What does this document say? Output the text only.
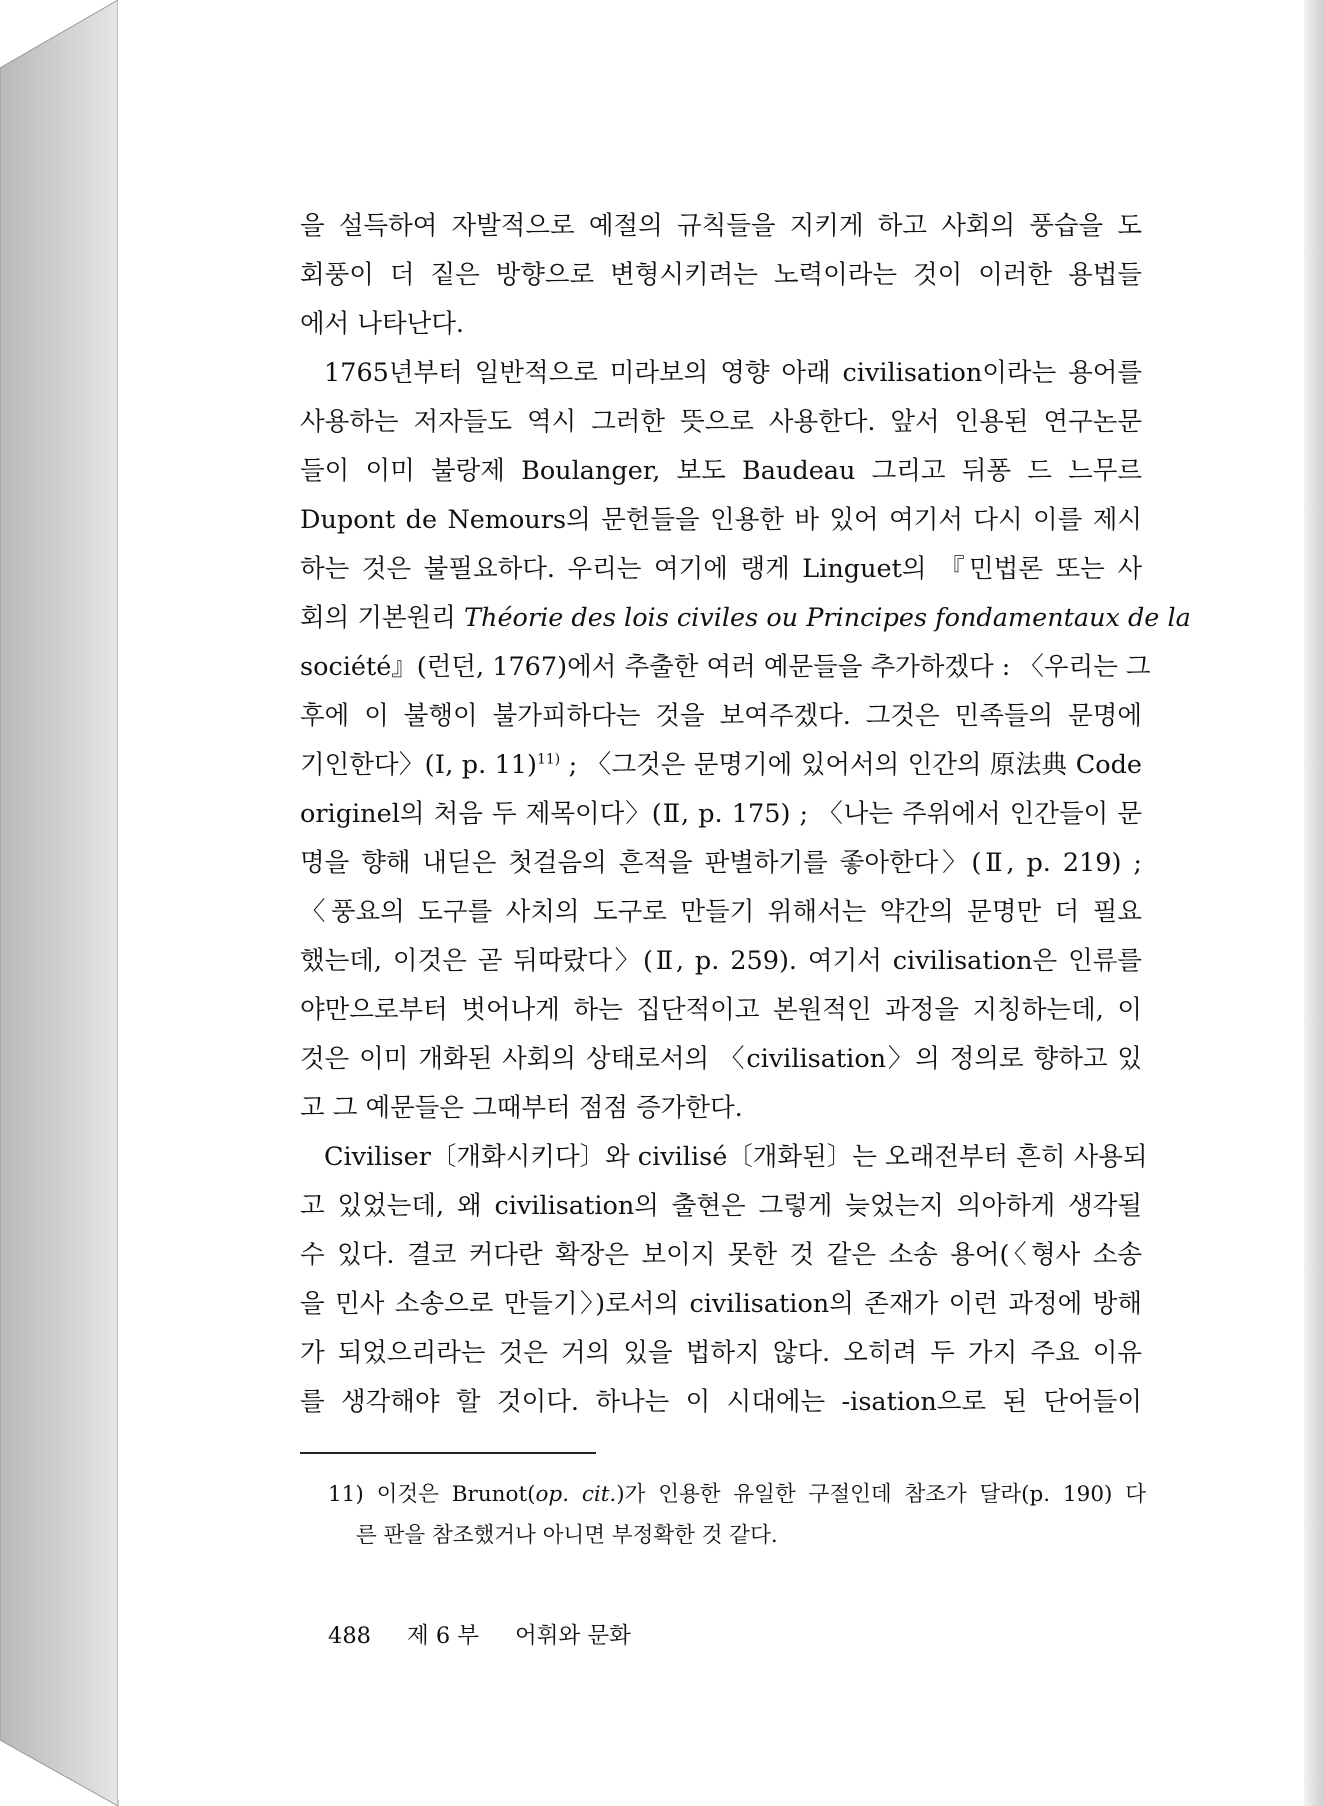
을 설득하여 자발적으로 예절의 규칙들을 지키게 하고 사회의 풍습을 도
회풍이 더 짙은 방향으로 변형시키려는 노력이라는 것이 이러한 용법들
에서 나타난다.
1765년부터 일반적으로 미라보의 영향 아래 civilisation이라는 용어를
사용하는 저자들도 역시 그러한 뜻으로 사용한다. 앞서 인용된 연구논문
들이 이미 불랑제 Boulanger, 보도 Baudeau 그리고 뒤퐁 드 느무르
Dupont de Nemours의 문헌들을 인용한 바 있어 여기서 다시 이를 제시
하는 것은 불필요하다. 우리는 여기에 랭게 Linguet의 『민법론 또는 사
회의 기본원리 Théorie des lois civiles ou Principes fondamentaux de la
société』(런던, 1767)에서 추출한 여러 예문들을 추가하겠다 : 〈우리는 그
후에 이 불행이 불가피하다는 것을 보여주겠다. 그것은 민족들의 문명에
기인한다〉(Ⅰ, p. 11)$^{11)}$ ; 〈그것은 문명기에 있어서의 인간의 原法典 Code
originel의 처음 두 제목이다〉(Ⅱ, p. 175) ; 〈나는 주위에서 인간들이 문
명을 향해 내딛은 첫걸음의 흔적을 판별하기를 좋아한다〉(Ⅱ, p. 219) ;
〈풍요의 도구를 사치의 도구로 만들기 위해서는 약간의 문명만 더 필요
했는데, 이것은 곧 뒤따랐다〉(Ⅱ, p. 259). 여기서 civilisation은 인류를
야만으로부터 벗어나게 하는 집단적이고 본원적인 과정을 지칭하는데, 이
것은 이미 개화된 사회의 상태로서의 〈civilisation〉의 정의로 향하고 있
고 그 예문들은 그때부터 점점 증가한다.
Civiliser〔개화시키다〕와 civilisé〔개화된〕는 오래전부터 흔히 사용되
고 있었는데, 왜 civilisation의 출현은 그렇게 늦었는지 의아하게 생각될
수 있다. 결코 커다란 확장은 보이지 못한 것 같은 소송 용어(〈형사 소송
을 민사 소송으로 만들기〉)로서의 civilisation의 존재가 이런 과정에 방해
가 되었으리라는 것은 거의 있을 법하지 않다. 오히려 두 가지 주요 이유
를 생각해야 할 것이다. 하나는 이 시대에는 -isation으로 된 단어들이
11) 이것은 Brunot(op. cit.)가 인용한 유일한 구절인데 참조가 달라(p. 190) 다
른 판을 참조했거나 아니면 부정확한 것 같다.
488 제 6 부 어휘와 문화
